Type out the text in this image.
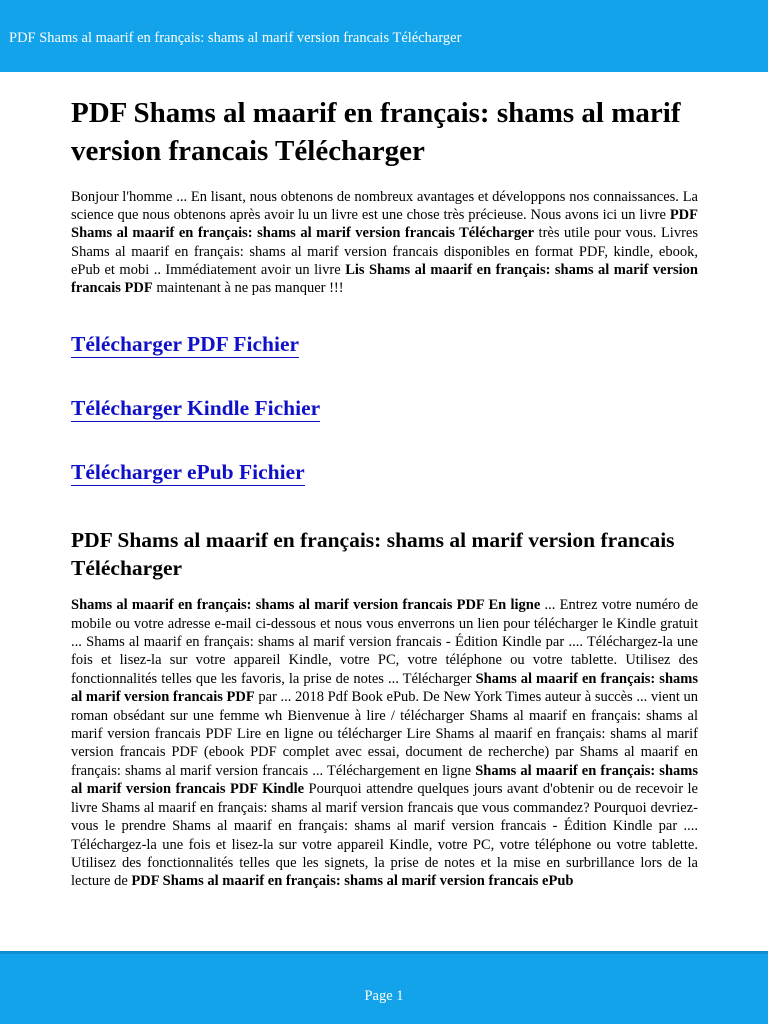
PDF Shams al maarif en français: shams al marif version francais Télécharger
PDF Shams al maarif en français: shams al marif version francais Télécharger

Bonjour l'homme ... En lisant, nous obtenons de nombreux avantages et développons nos connaissances. La science que nous obtenons après avoir lu un livre est une chose très précieuse. Nous avons ici un livre PDF Shams al maarif en français: shams al marif version francais Télécharger très utile pour vous. Livres Shams al maarif en français: shams al marif version francais disponibles en format PDF, kindle, ebook, ePub et mobi .. Immédiatement avoir un livre Lis Shams al maarif en français: shams al marif version francais PDF maintenant à ne pas manquer !!!

Télécharger PDF Fichier
Télécharger Kindle Fichier
Télécharger ePub Fichier
PDF Shams al maarif en français: shams al marif version francais Télécharger

Shams al maarif en français: shams al marif version francais PDF En ligne ... Entrez votre numéro de mobile ou votre adresse e-mail ci-dessous et nous vous enverrons un lien pour télécharger le Kindle gratuit ... Shams al maarif en français: shams al marif version francais - Édition Kindle par .... Téléchargez-la une fois et lisez-la sur votre appareil Kindle, votre PC, votre téléphone ou votre tablette. Utilisez des fonctionnalités telles que les favoris, la prise de notes ... Télécharger Shams al maarif en français: shams al marif version francais PDF par ... 2018 Pdf Book ePub. De New York Times auteur à succès ... vient un roman obsédant sur une femme wh Bienvenue à lire / télécharger Shams al maarif en français: shams al marif version francais PDF Lire en ligne ou télécharger Lire Shams al maarif en français: shams al marif version francais PDF (ebook PDF complet avec essai, document de recherche) par Shams al maarif en français: shams al marif version francais ... Téléchargement en ligne Shams al maarif en français: shams al marif version francais PDF Kindle Pourquoi attendre quelques jours avant d'obtenir ou de recevoir le livre Shams al maarif en français: shams al marif version francais que vous commandez? Pourquoi devriez-vous le prendre Shams al maarif en français: shams al marif version francais - Édition Kindle par .... Téléchargez-la une fois et lisez-la sur votre appareil Kindle, votre PC, votre téléphone ou votre tablette. Utilisez des fonctionnalités telles que les signets, la prise de notes et la mise en surbrillance lors de la lecture de PDF Shams al maarif en français: shams al marif version francais ePub

Page 1
